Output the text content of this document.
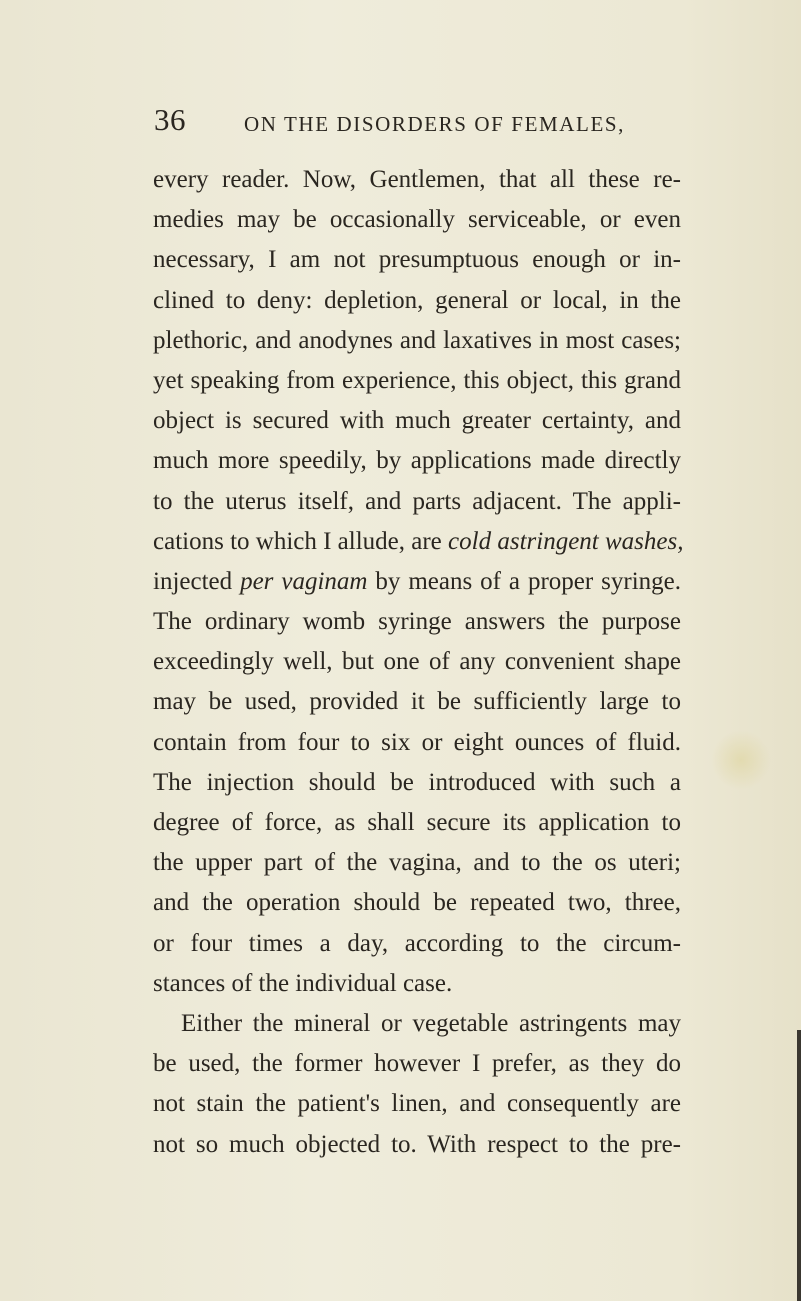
36	ON THE DISORDERS OF FEMALES,
every reader. Now, Gentlemen, that all these re-
medies may be occasionally serviceable, or even
necessary, I am not presumptuous enough or in-
clined to deny: depletion, general or local, in the
plethoric, and anodynes and laxatives in most cases;
yet speaking from experience, this object, this grand
object is secured with much greater certainty, and
much more speedily, by applications made directly
to the uterus itself, and parts adjacent. The appli-
cations to which I allude, are cold astringent washes,
injected per vaginam by means of a proper syringe.
The ordinary womb syringe answers the purpose
exceedingly well, but one of any convenient shape
may be used, provided it be sufficiently large to
contain from four to six or eight ounces of fluid.
The injection should be introduced with such a
degree of force, as shall secure its application to
the upper part of the vagina, and to the os uteri;
and the operation should be repeated two, three,
or four times a day, according to the circum-
stances of the individual case.
Either the mineral or vegetable astringents may
be used, the former however I prefer, as they do
not stain the patient's linen, and consequently are
not so much objected to. With respect to the pre-
